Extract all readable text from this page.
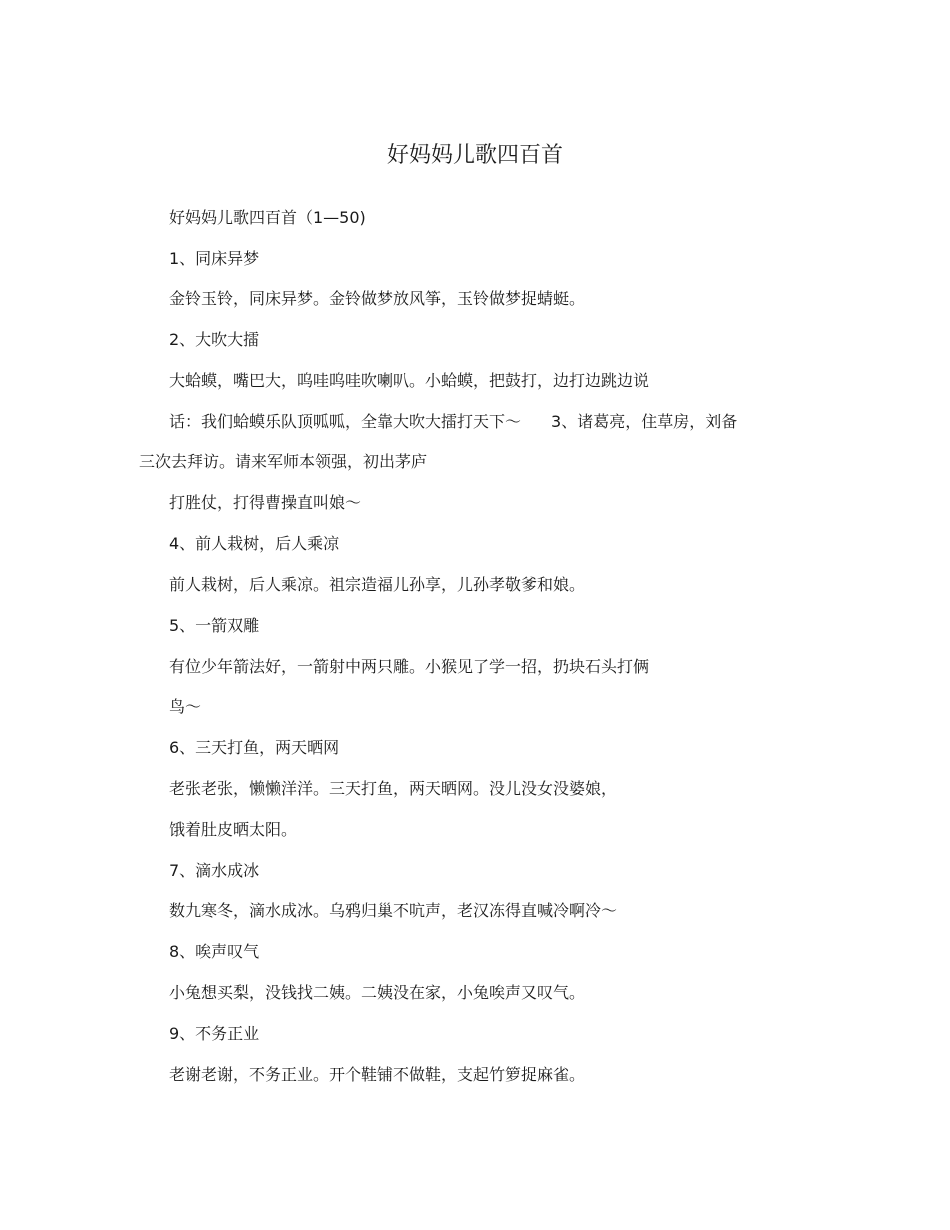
好妈妈儿歌四百首
好妈妈儿歌四百首（1—50)
1、同床异梦
金铃玉铃，同床异梦。金铃做梦放风筝，玉铃做梦捉蜻蜓。
2、大吹大擂
大蛤蟆，嘴巴大，呜哇呜哇吹喇叭。小蛤蟆，把鼓打，边打边跳边说
话：我们蛤蟆乐队顶呱呱，全靠大吹大擂打天下～ 3、诸葛亮，住草房，刘备
三次去拜访。请来军师本领强，初出茅庐
打胜仗，打得曹操直叫娘～
4、前人栽树，后人乘凉
前人栽树，后人乘凉。祖宗造福儿孙享，儿孙孝敬爹和娘。
5、一箭双雕
有位少年箭法好，一箭射中两只雕。小猴见了学一招，扔块石头打俩
鸟～
6、三天打鱼，两天晒网
老张老张，懒懒洋洋。三天打鱼，两天晒网。没儿没女没婆娘，
饿着肚皮晒太阳。
7、滴水成冰
数九寒冬，滴水成冰。乌鸦归巢不吭声，老汉冻得直喊冷啊冷～
8、唉声叹气
小兔想买梨，没钱找二姨。二姨没在家，小兔唉声又叹气。
9、不务正业
老谢老谢，不务正业。开个鞋铺不做鞋，支起竹箩捉麻雀。
